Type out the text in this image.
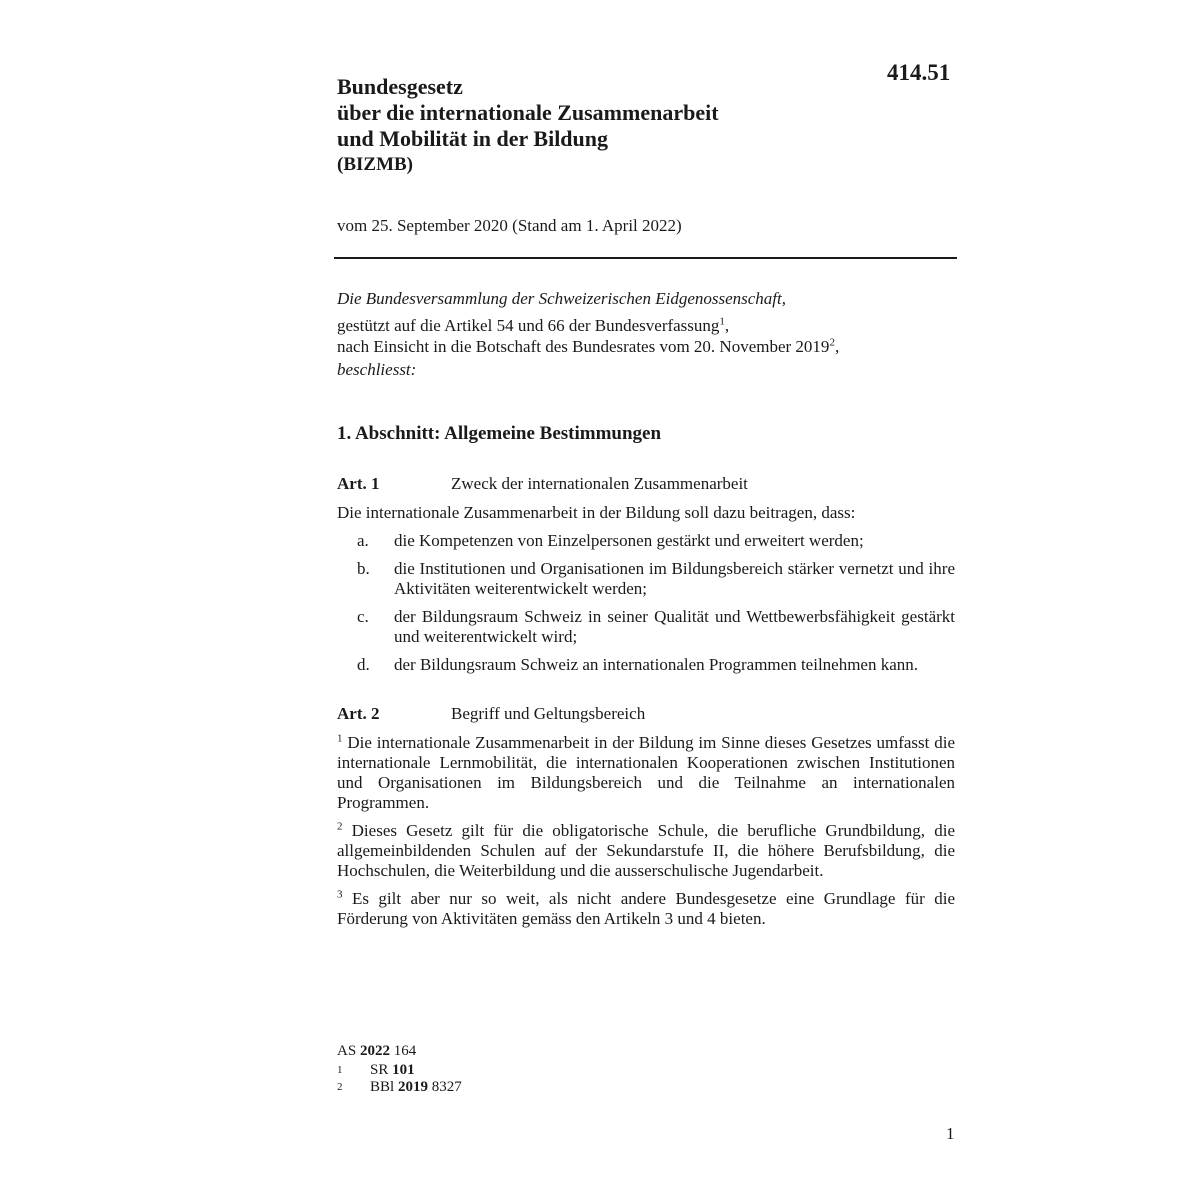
414.51
Bundesgesetz
über die internationale Zusammenarbeit
und Mobilität in der Bildung
(BIZMB)
vom 25. September 2020 (Stand am 1. April 2022)

Die Bundesversammlung der Schweizerischen Eidgenossenschaft,

gestützt auf die Artikel 54 und 66 der Bundesverfassung$^1$,

nach Einsicht in die Botschaft des Bundesrates vom 20. November 2019$^2$,

beschliesst:

1. Abschnitt: Allgemeine Bestimmungen
Art. 1	Zweck der internationalen Zusammenarbeit
Die internationale Zusammenarbeit in der Bildung soll dazu beitragen, dass:
a.	die Kompetenzen von Einzelpersonen gestärkt und erweitert werden;
b.	die Institutionen und Organisationen im Bildungsbereich stärker vernetzt und ihre Aktivitäten weiterentwickelt werden;
c.	der Bildungsraum Schweiz in seiner Qualität und Wettbewerbsfähigkeit gestärkt und weiterentwickelt wird;
d.	der Bildungsraum Schweiz an internationalen Programmen teilnehmen kann.
Art. 2	Begriff und Geltungsbereich
$^1$ Die internationale Zusammenarbeit in der Bildung im Sinne dieses Gesetzes umfasst die internationale Lernmobilität, die internationalen Kooperationen zwischen Institutionen und Organisationen im Bildungsbereich und die Teilnahme an internationalen Programmen.
$^2$ Dieses Gesetz gilt für die obligatorische Schule, die berufliche Grundbildung, die allgemeinbildenden Schulen auf der Sekundarstufe II, die höhere Berufsbildung, die Hochschulen, die Weiterbildung und die ausserschulische Jugendarbeit.
$^3$ Es gilt aber nur so weit, als nicht andere Bundesgesetze eine Grundlage für die Förderung von Aktivitäten gemäss den Artikeln 3 und 4 bieten.
AS 2022 164
1 SR 101
2 BBl 2019 8327
1
